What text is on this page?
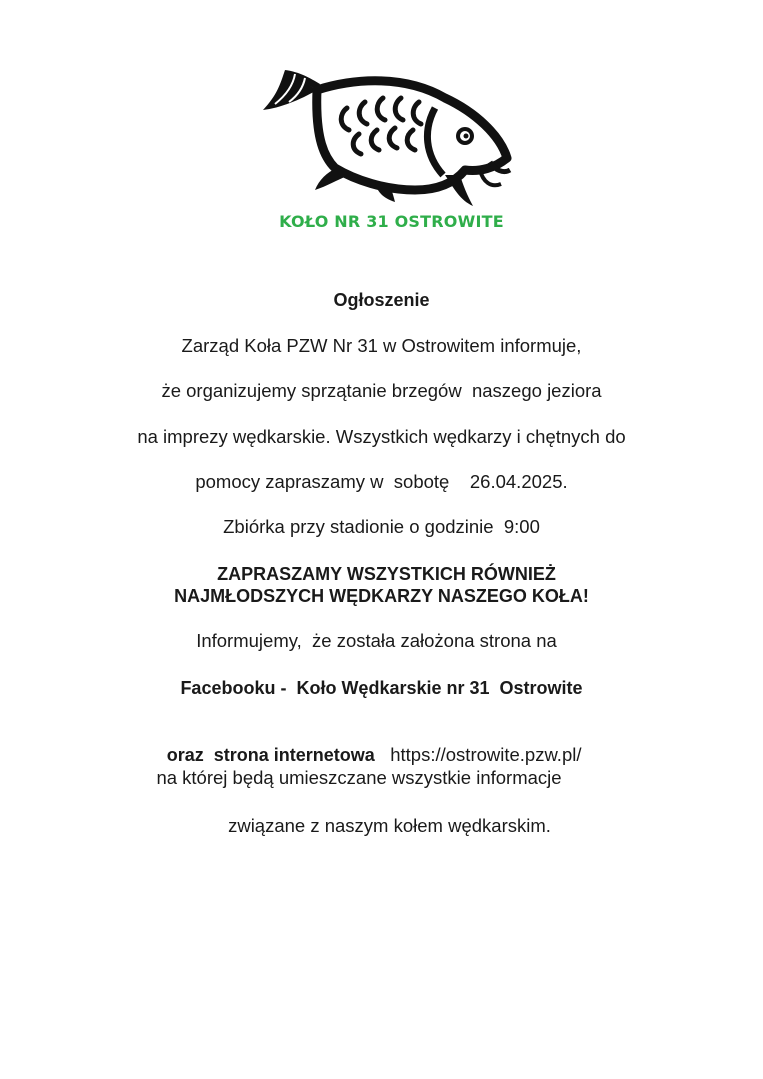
KOŁO NR 31 OSTROWITE
Ogłoszenie
Zarząd Koła PZW Nr 31 w Ostrowitem informuje,
że organizujemy sprzątanie brzegów  naszego jeziora
na imprezy wędkarskie. Wszystkich wędkarzy i chętnych do
pomocy zapraszamy w  sobotę    26.04.2025.
Zbiórka przy stadionie o godzinie  9:00
ZAPRASZAMY WSZYSTKICH RÓWNIEŻ
NAJMŁODSZYCH WĘDKARZY NASZEGO KOŁA!
Informujemy,  że została założona strona na
Facebooku -  Koło Wędkarskie nr 31  Ostrowite

oraz  strona internetowa https://ostrowite.pzw.pl/

na której będą umieszczane wszystkie informacje
związane z naszym kołem wędkarskim.
